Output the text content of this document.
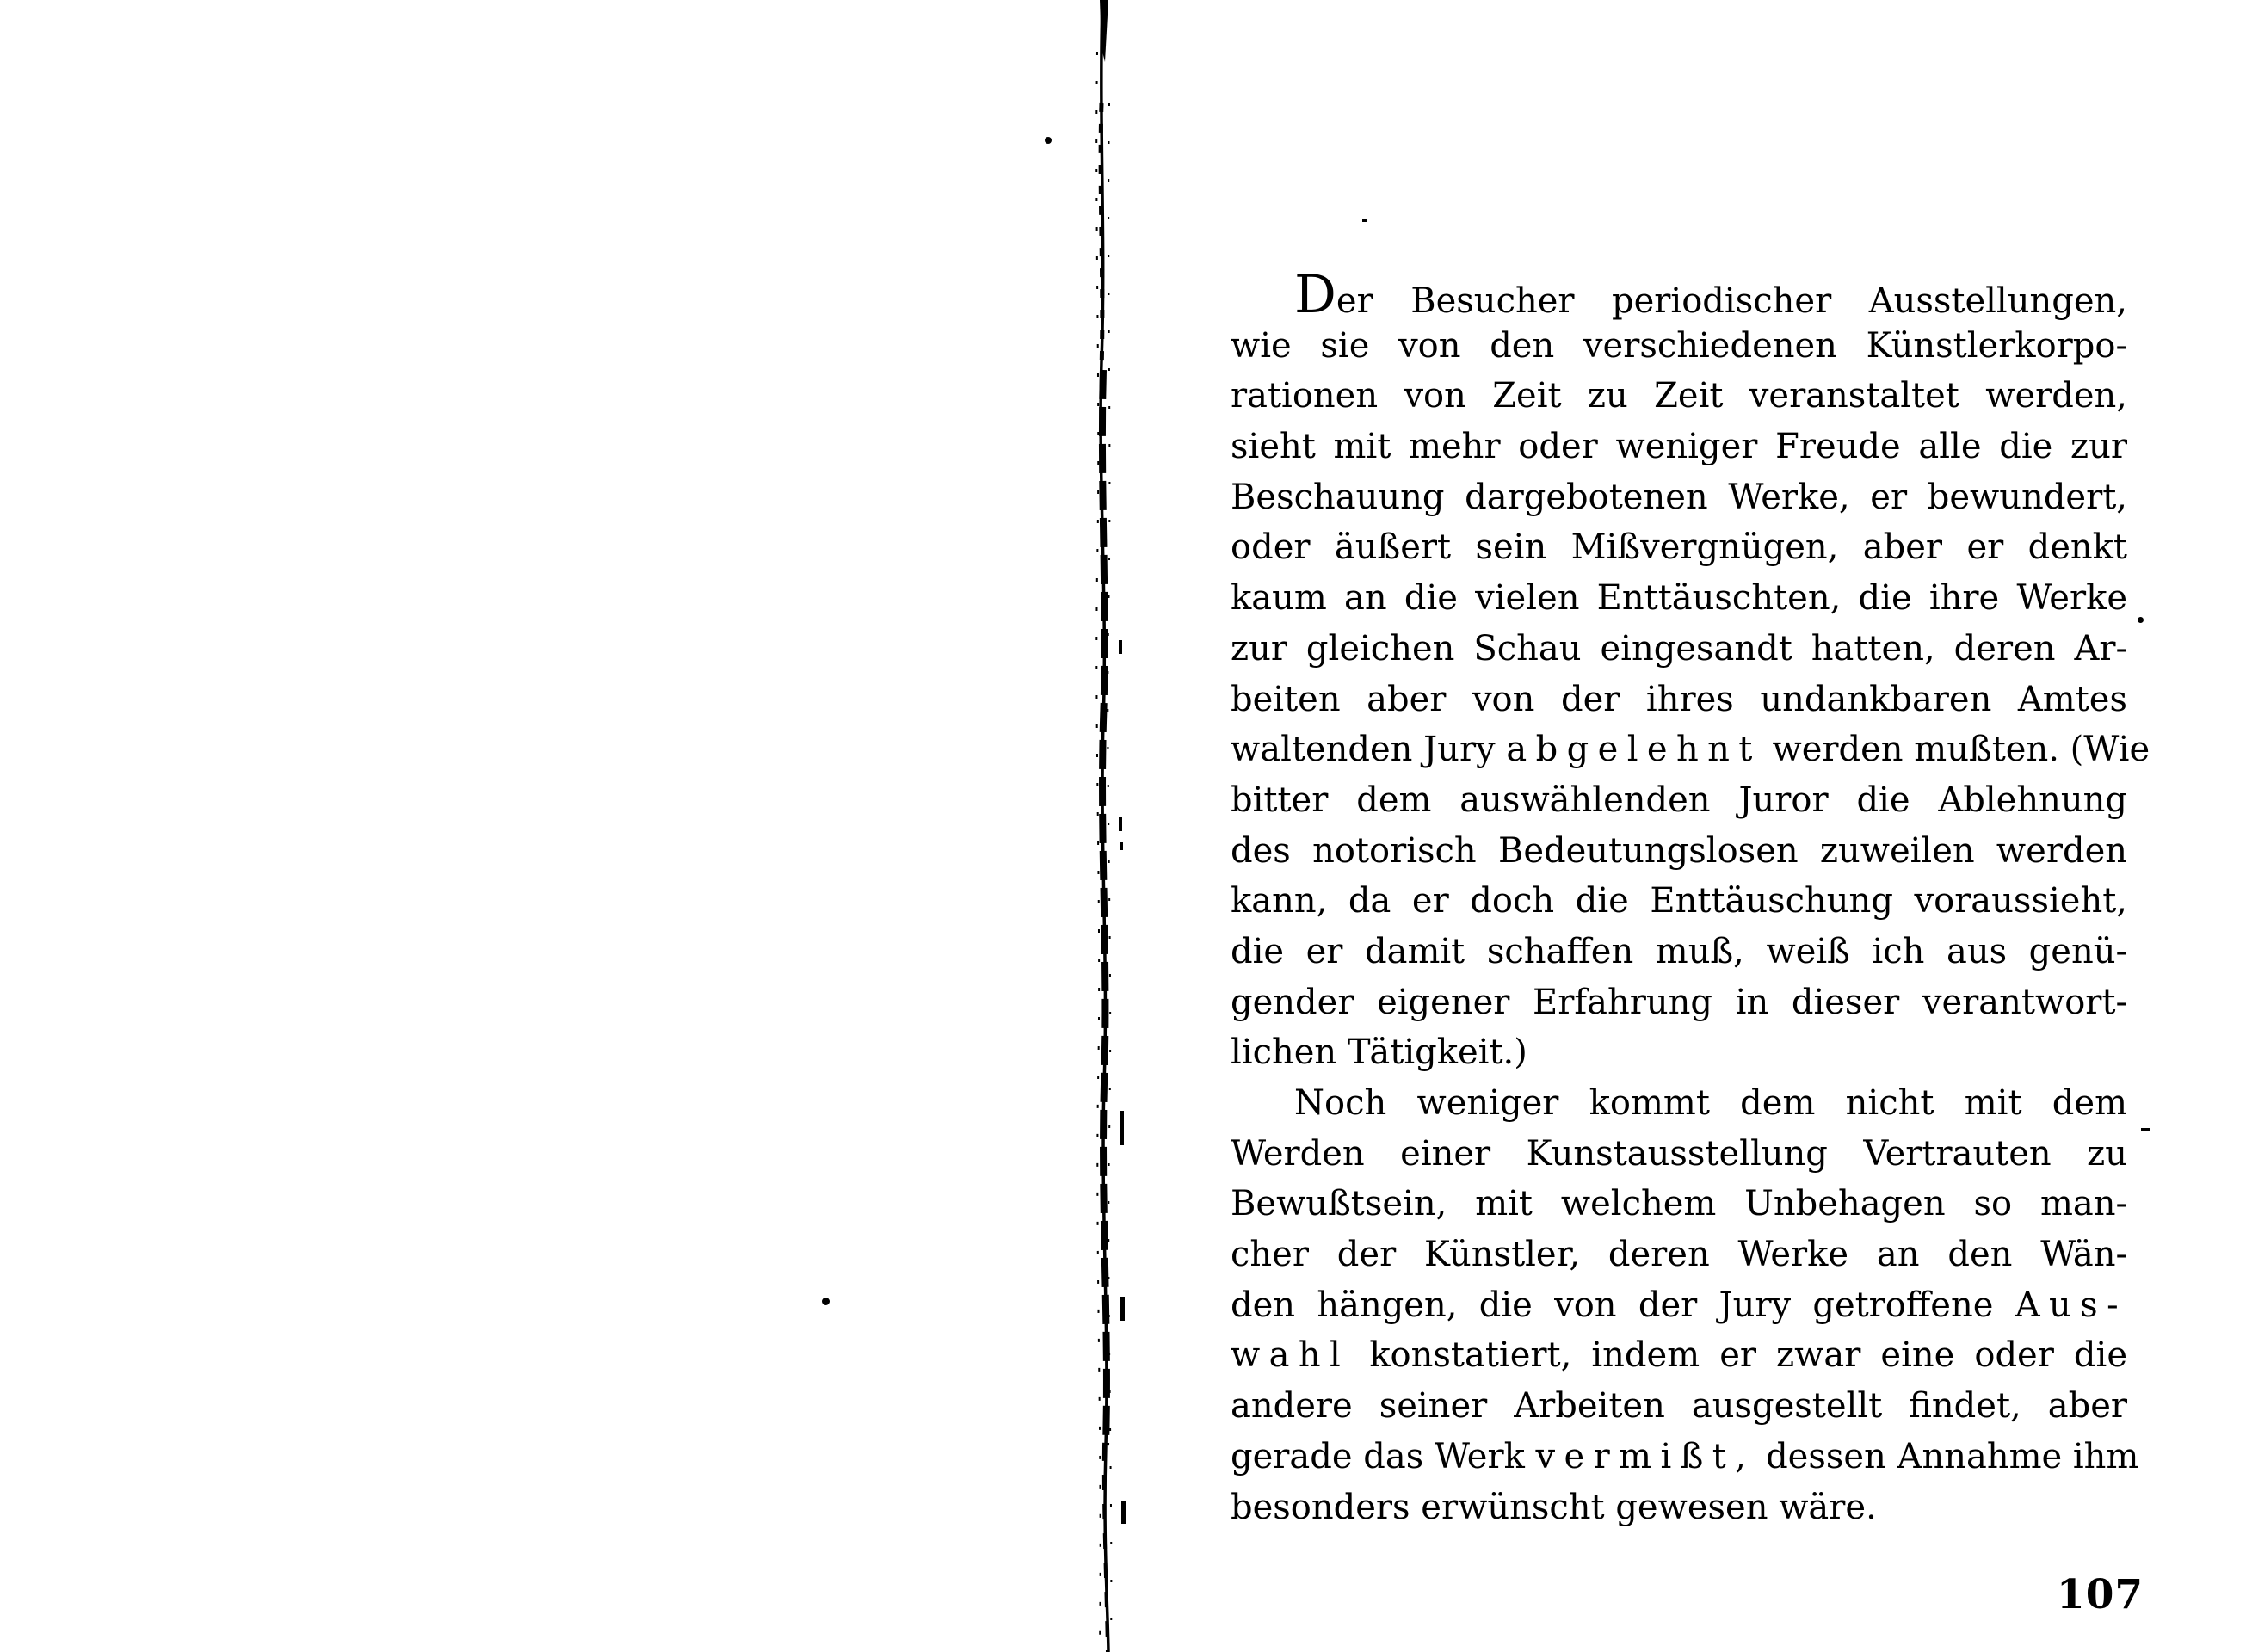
Der Besucher periodischer Ausstellungen,
wie sie von den verschiedenen Künstlerkorpo-
rationen von Zeit zu Zeit veranstaltet werden,
sieht mit mehr oder weniger Freude alle die zur
Beschauung dargebotenen Werke, er bewundert,
oder äußert sein Mißvergnügen, aber er denkt
kaum an die vielen Enttäuschten, die ihre Werke
zur gleichen Schau eingesandt hatten, deren Ar-
beiten aber von der ihres undankbaren Amtes
waltenden Jury abgelehnt werden mußten. (Wie
bitter dem auswählenden Juror die Ablehnung
des notorisch Bedeutungslosen zuweilen werden
kann, da er doch die Enttäuschung voraussieht,
die er damit schaffen muß, weiß ich aus genü-
gender eigener Erfahrung in dieser verantwort-
lichen Tätigkeit.)
Noch weniger kommt dem nicht mit dem
Werden einer Kunstausstellung Vertrauten zu
Bewußtsein, mit welchem Unbehagen so man-
cher der Künstler, deren Werke an den Wän-
den hängen, die von der Jury getroffene Aus-
wahl konstatiert, indem er zwar eine oder die
andere seiner Arbeiten ausgestellt findet, aber
gerade das Werk vermißt, dessen Annahme ihm
besonders erwünscht gewesen wäre.
107
